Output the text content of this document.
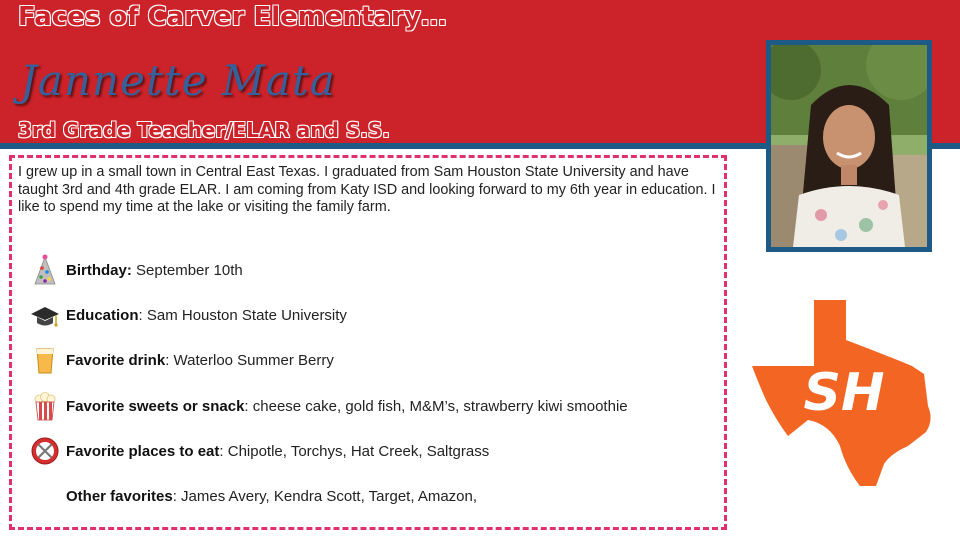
Faces of Carver Elementary…
Jannette Mata
3rd Grade Teacher/ELAR and S.S.
I grew up in a small town in Central East Texas. I graduated from Sam Houston State University and have taught 3rd and 4th grade ELAR. I am coming from Katy ISD and looking forward to my 6th year in education. I like to spend my time at the lake or visiting the family farm.
Birthday: September 10th
Education: Sam Houston State University
Favorite drink: Waterloo Summer Berry
Favorite sweets or snack: cheese cake, gold fish, M&M’s, strawberry kiwi smoothie
Favorite places to eat: Chipotle, Torchys, Hat Creek, Saltgrass
Other favorites: James Avery, Kendra Scott, Target, Amazon,
SH
